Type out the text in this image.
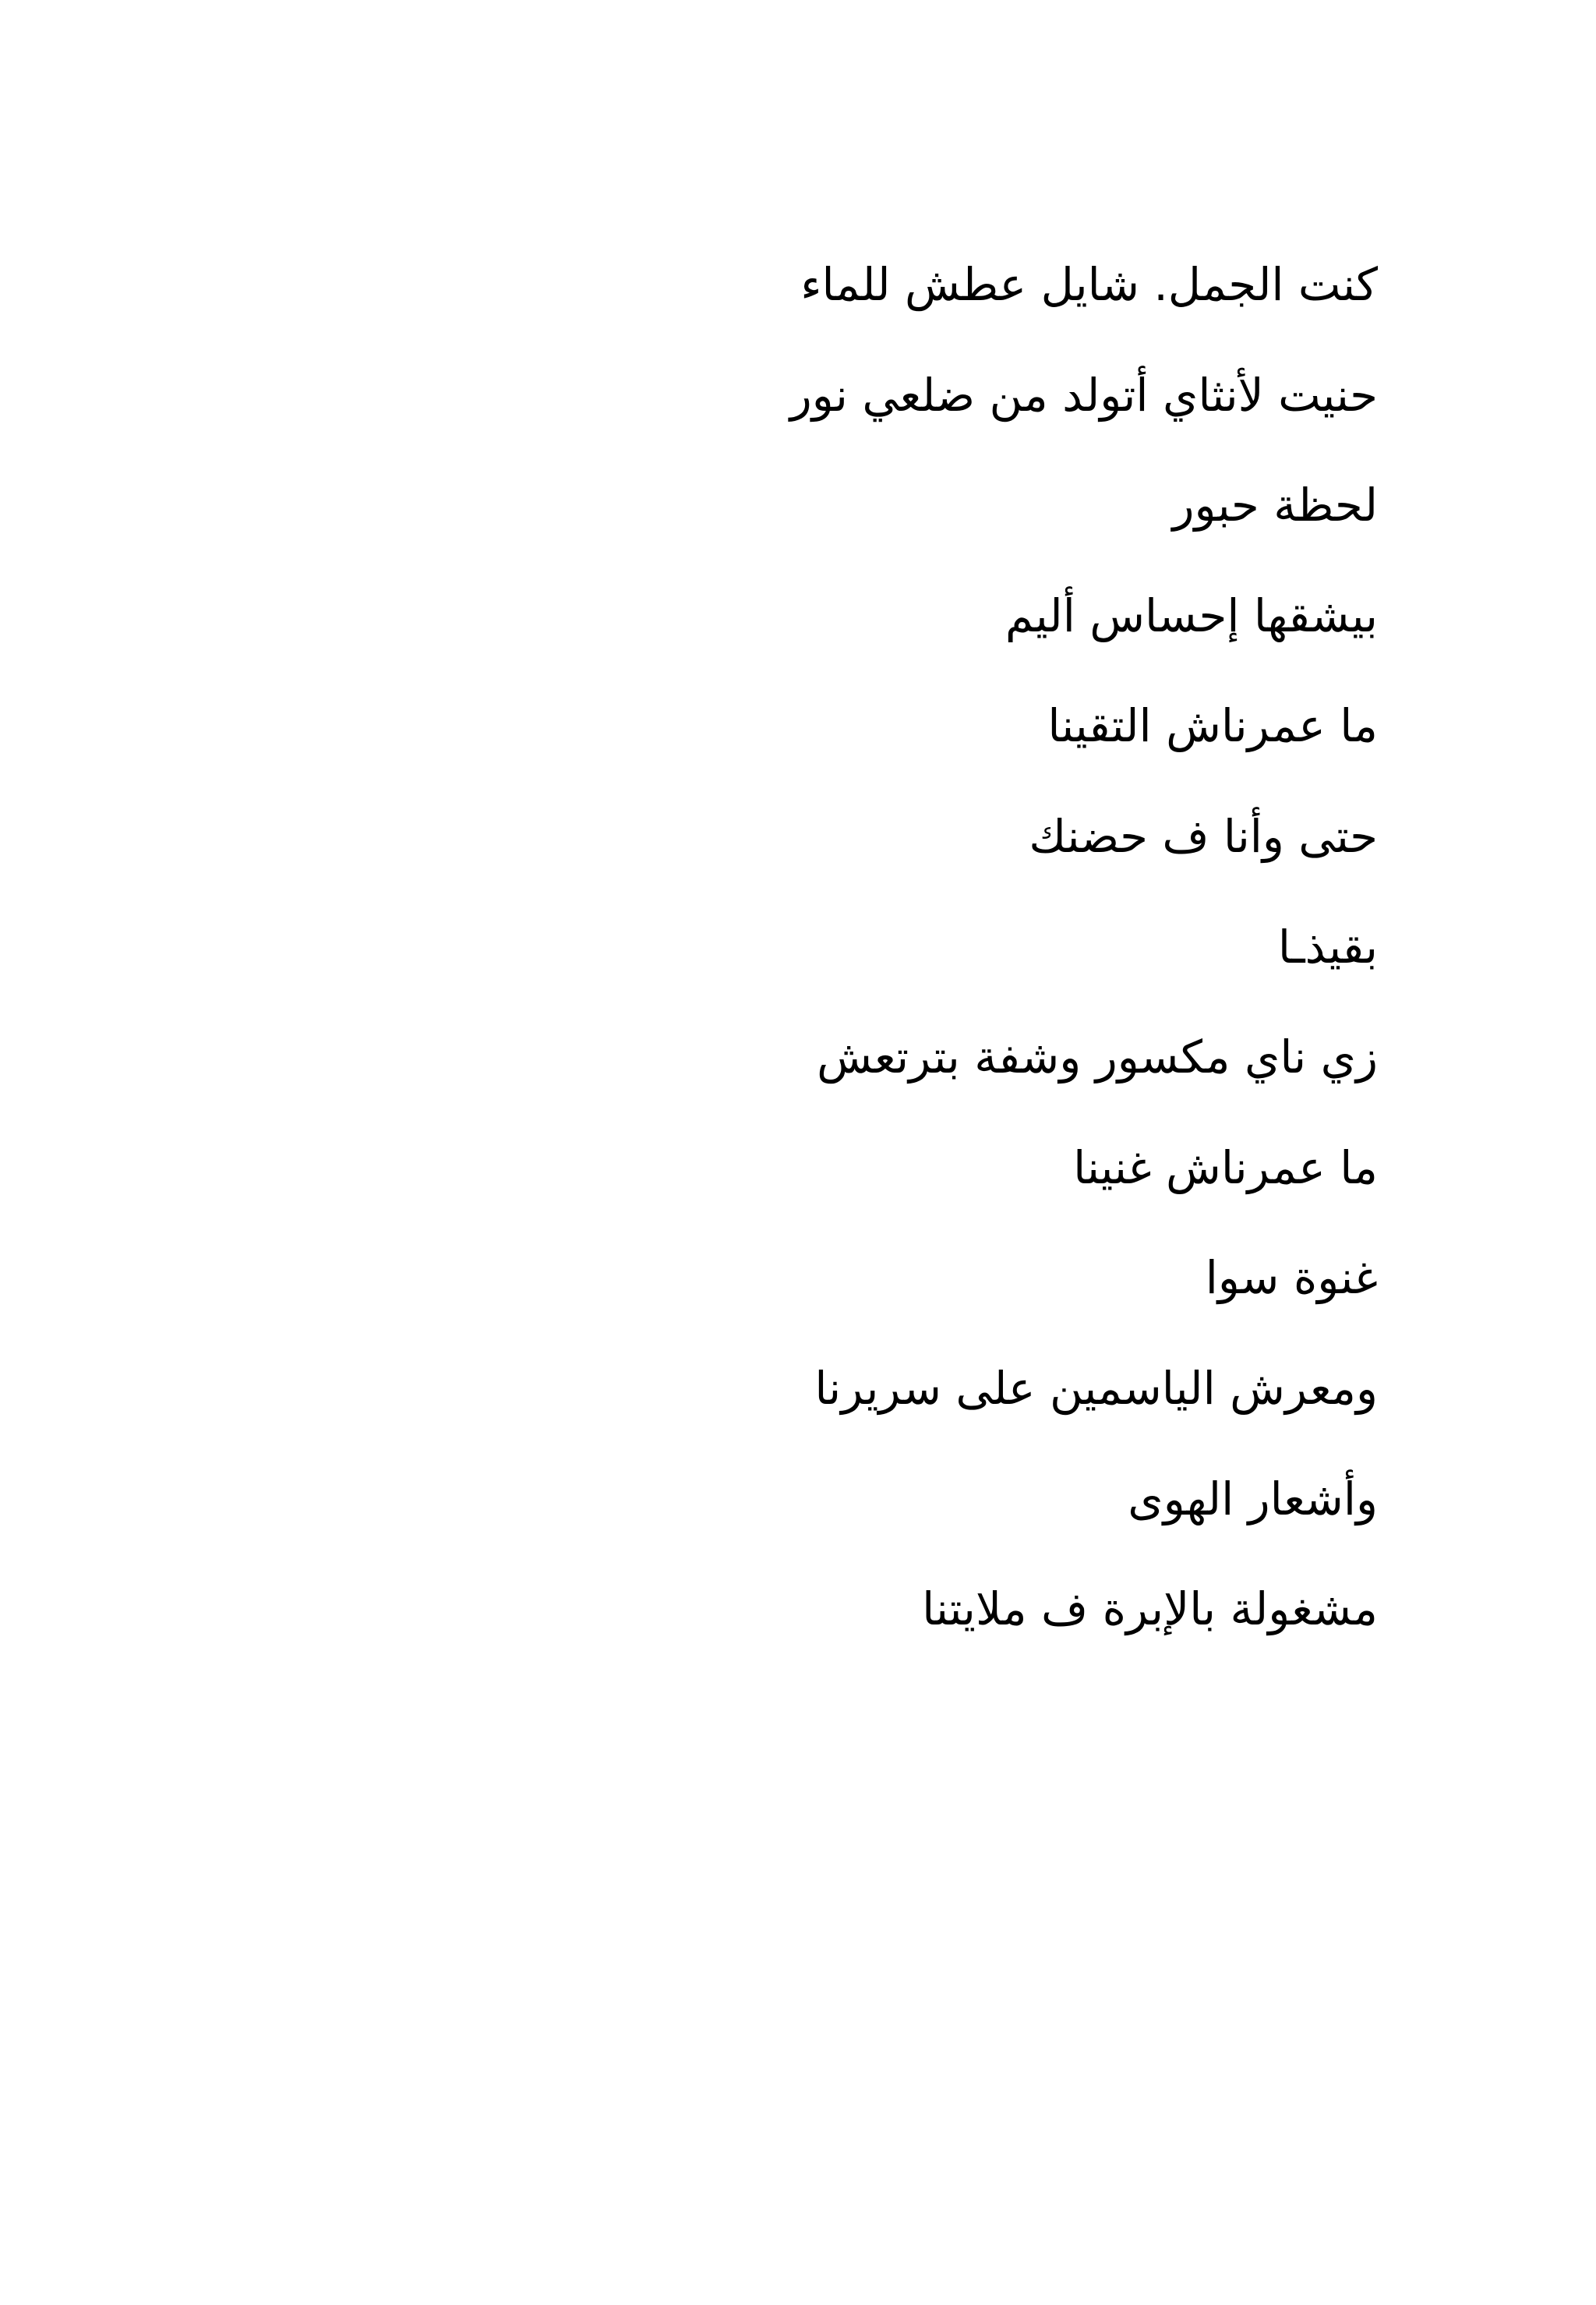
كنت الجمل. شايل عطش للماء
حنيت لأنثاي أتولد من ضلعي نور
لحظة حبور
بيشقها إحساس أليم
ما عمرناش التقينا
حتى وأنا ف حضنك
بقيذـا
زي ناي مكسور وشفة بترتعش
ما عمرناش غنينا
غنوة سوا
ومعرش الياسمين على سريرنا
وأشعار الهوى
مشغولة بالإبرة ف ملايتنا
